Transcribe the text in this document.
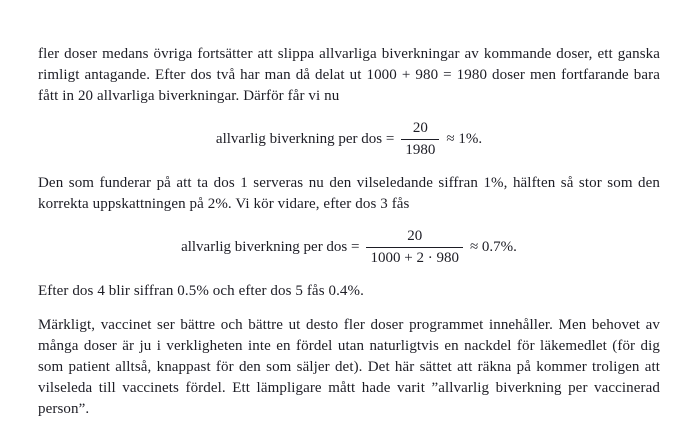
fler doser medans övriga fortsätter att slippa allvarliga biverkningar av kommande doser, ett ganska rimligt antagande. Efter dos två har man då delat ut 1000 + 980 = 1980 doser men fortfarande bara fått in 20 allvarliga biverkningar. Därför får vi nu

allvarlig biverkning per dos = $\frac{20}{1980} \approx 1\%$.

Den som funderar på att ta dos 1 serveras nu den vilseledande siffran 1%, hälften så stor som den korrekta uppskattningen på 2%. Vi kör vidare, efter dos 3 fås

allvarlig biverkning per dos = $\frac{20}{1000 + 2 \cdot 980} \approx 0.7\%$.

Efter dos 4 blir siffran 0.5% och efter dos 5 fås 0.4%.

Märkligt, vaccinet ser bättre och bättre ut desto fler doser programmet innehåller. Men behovet av många doser är ju i verkligheten inte en fördel utan naturligtvis en nackdel för läkemedlet (för dig som patient alltså, knappast för den som säljer det). Det här sättet att räkna på kommer troligen att vilseleda till vaccinets fördel. Ett lämpligare mått hade varit ”allvarlig biverkning per vaccinerad person”.
